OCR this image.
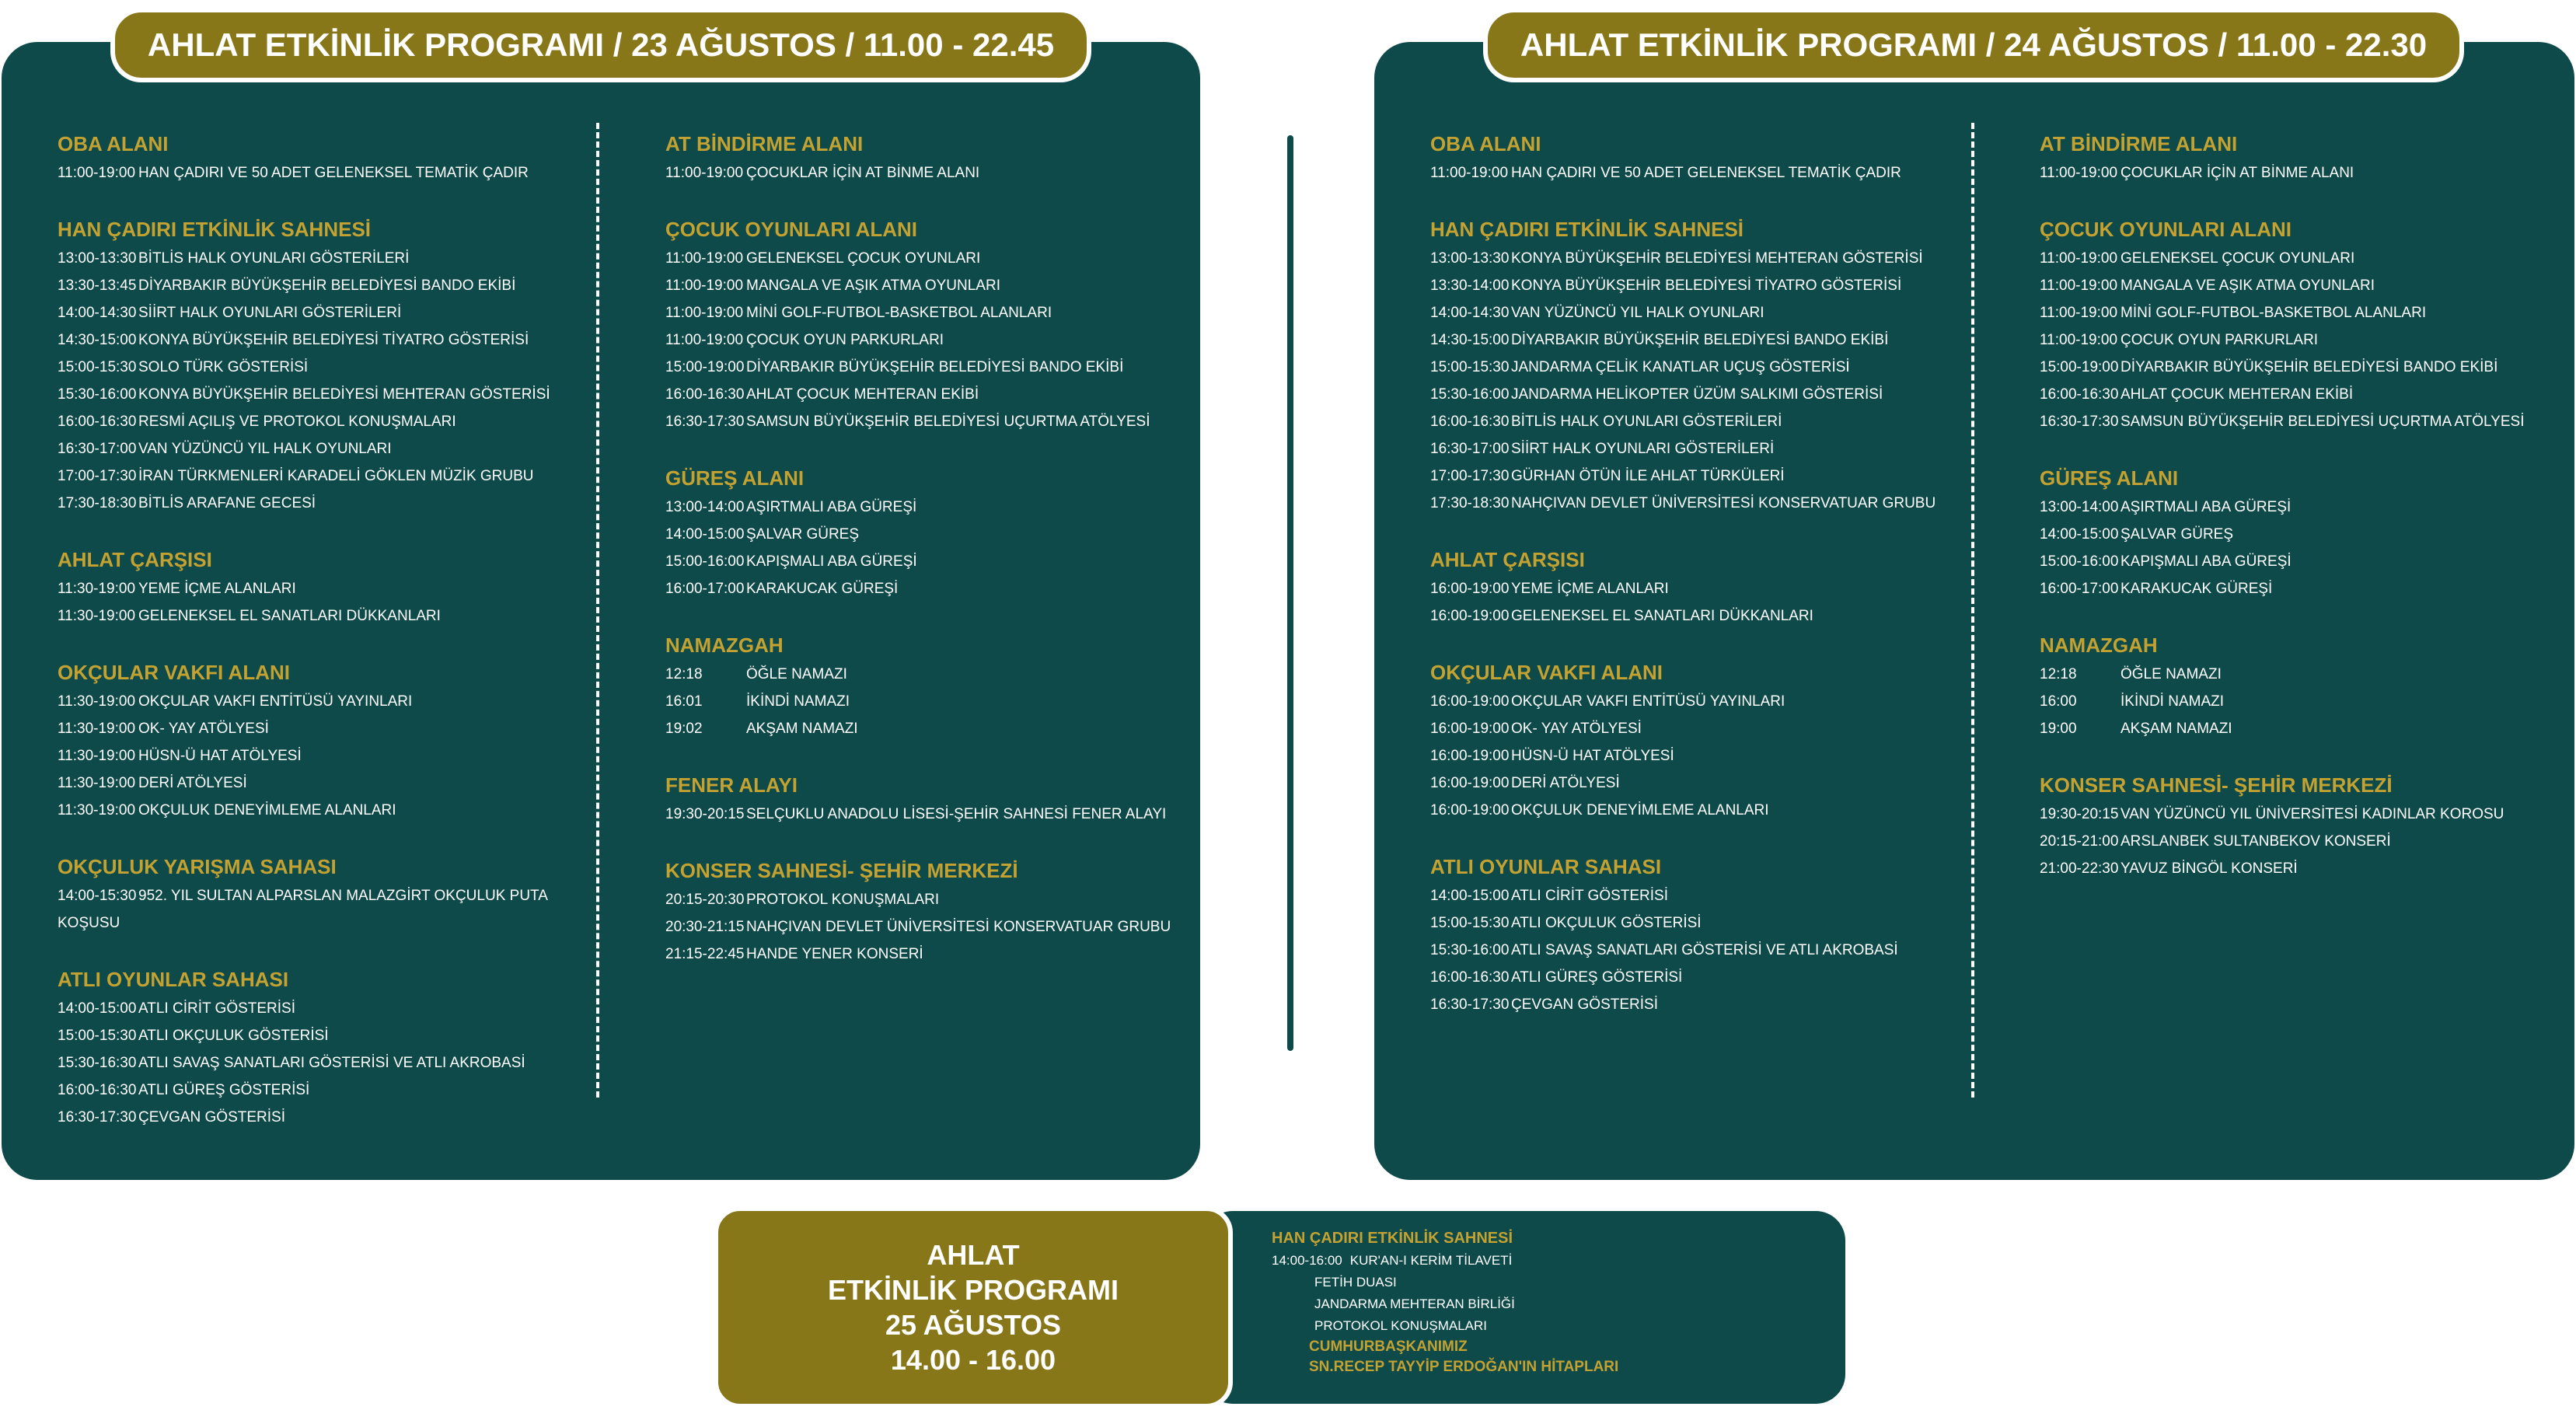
AHLAT ETKİNLİK PROGRAMI / 23 AĞUSTOS / 11.00 - 22.45
OBA ALANI
11:00-19:00 HAN ÇADIRI VE 50 ADET GELENEKSEL TEMATİK ÇADIR
HAN ÇADIRI ETKİNLİK SAHNESİ
13:00-13:30 BİTLİS HALK OYUNLARI GÖSTERİLERİ
13:30-13:45 DİYARBAKIR BÜYÜKŞEHİR BELEDİYESİ BANDO EKİBİ
14:00-14:30 SİİRT HALK OYUNLARI GÖSTERİLERİ
14:30-15:00 KONYA BÜYÜKŞEHİR BELEDİYESİ TİYATRO GÖSTERİSİ
15:00-15:30 SOLO TÜRK GÖSTERİSİ
15:30-16:00 KONYA BÜYÜKŞEHİR BELEDİYESİ MEHTERAN GÖSTERİSİ
16:00-16:30 RESMİ AÇILIŞ VE PROTOKOL KONUŞMALARI
16:30-17:00 VAN YÜZÜNCÜ YIL HALK OYUNLARI
17:00-17:30 İRAN TÜRKMENLERİ KARADELİ GÖKLEN MÜZİK GRUBU
17:30-18:30 BİTLİS ARAFANE GECESİ
AHLAT ÇARŞISI
11:30-19:00 YEME İÇME ALANLARI
11:30-19:00 GELENEKSEL EL SANATLARI DÜKKANLARI
OKÇULAR VAKFI ALANI
11:30-19:00 OKÇULAR VAKFI ENTİTÜSÜ YAYINLARI
11:30-19:00 OK- YAY ATÖLYESİ
11:30-19:00 HÜSN-Ü HAT ATÖLYESİ
11:30-19:00 DERİ ATÖLYESİ
11:30-19:00 OKÇULUK DENEYİMLEME ALANLARI
OKÇULUK YARIŞMA SAHASI
14:00-15:30 952. YIL SULTAN ALPARSLAN MALAZGİRT OKÇULUK PUTA
KOŞUSU
ATLI OYUNLAR SAHASI
14:00-15:00 ATLI CİRİT GÖSTERİSİ
15:00-15:30 ATLI OKÇULUK GÖSTERİSİ
15:30-16:30 ATLI SAVAŞ SANATLARI GÖSTERİSİ VE ATLI AKROBASİ
16:00-16:30 ATLI GÜREŞ GÖSTERİSİ
16:30-17:30 ÇEVGAN GÖSTERİSİ
AT BİNDİRME ALANI
11:00-19:00 ÇOCUKLAR İÇİN AT BİNME ALANI
ÇOCUK OYUNLARI ALANI
11:00-19:00 GELENEKSEL ÇOCUK OYUNLARI
11:00-19:00 MANGALA VE AŞIK ATMA OYUNLARI
11:00-19:00 MİNİ GOLF-FUTBOL-BASKETBOL ALANLARI
11:00-19:00 ÇOCUK OYUN PARKURLARI
15:00-19:00 DİYARBAKIR BÜYÜKŞEHİR BELEDİYESİ BANDO EKİBİ
16:00-16:30 AHLAT ÇOCUK MEHTERAN EKİBİ
16:30-17:30 SAMSUN BÜYÜKŞEHİR BELEDİYESİ UÇURTMA ATÖLYESİ
GÜREŞ ALANI
13:00-14:00 AŞIRTMALI ABA GÜREŞİ
14:00-15:00 ŞALVAR GÜREŞ
15:00-16:00 KAPIŞMALI ABA GÜREŞİ
16:00-17:00 KARAKUCAK GÜREŞİ
NAMAZGAH
12:18	ÖĞLE NAMAZI
16:01	İKİNDİ NAMAZI
19:02	AKŞAM NAMAZI
FENER ALAYI
19:30-20:15 SELÇUKLU ANADOLU LİSESİ-ŞEHİR SAHNESİ FENER ALAYI
KONSER SAHNESİ- ŞEHİR MERKEZİ
20:15-20:30 PROTOKOL KONUŞMALARI
20:30-21:15 NAHÇIVAN DEVLET ÜNİVERSİTESİ KONSERVATUAR GRUBU
21:15-22:45 HANDE YENER KONSERİ
AHLAT ETKİNLİK PROGRAMI / 24 AĞUSTOS / 11.00 - 22.30
OBA ALANI
11:00-19:00 HAN ÇADIRI VE 50 ADET GELENEKSEL TEMATİK ÇADIR
HAN ÇADIRI ETKİNLİK SAHNESİ
13:00-13:30 KONYA BÜYÜKŞEHİR BELEDİYESİ MEHTERAN GÖSTERİSİ
13:30-14:00 KONYA BÜYÜKŞEHİR BELEDİYESİ TİYATRO GÖSTERİSİ
14:00-14:30 VAN YÜZÜNCÜ YIL HALK OYUNLARI
14:30-15:00 DİYARBAKIR BÜYÜKŞEHİR BELEDİYESİ BANDO EKİBİ
15:00-15:30 JANDARMA ÇELİK KANATLAR UÇUŞ GÖSTERİSİ
15:30-16:00 JANDARMA HELİKOPTER ÜZÜM SALKIMI GÖSTERİSİ
16:00-16:30 BİTLİS HALK OYUNLARI GÖSTERİLERİ
16:30-17:00 SİİRT HALK OYUNLARI GÖSTERİLERİ
17:00-17:30 GÜRHAN ÖTÜN İLE AHLAT TÜRKÜLERİ
17:30-18:30 NAHÇIVAN DEVLET ÜNİVERSİTESİ KONSERVATUAR GRUBU
AHLAT ÇARŞISI
16:00-19:00 YEME İÇME ALANLARI
16:00-19:00 GELENEKSEL EL SANATLARI DÜKKANLARI
OKÇULAR VAKFI ALANI
16:00-19:00 OKÇULAR VAKFI ENTİTÜSÜ YAYINLARI
16:00-19:00 OK- YAY ATÖLYESİ
16:00-19:00 HÜSN-Ü HAT ATÖLYESİ
16:00-19:00 DERİ ATÖLYESİ
16:00-19:00 OKÇULUK DENEYİMLEME ALANLARI
ATLI OYUNLAR SAHASI
14:00-15:00 ATLI CİRİT GÖSTERİSİ
15:00-15:30 ATLI OKÇULUK GÖSTERİSİ
15:30-16:00 ATLI SAVAŞ SANATLARI GÖSTERİSİ VE ATLI AKROBASİ
16:00-16:30 ATLI GÜREŞ GÖSTERİSİ
16:30-17:30 ÇEVGAN GÖSTERİSİ
AT BİNDİRME ALANI
11:00-19:00 ÇOCUKLAR İÇİN AT BİNME ALANI
ÇOCUK OYUNLARI ALANI
11:00-19:00 GELENEKSEL ÇOCUK OYUNLARI
11:00-19:00 MANGALA VE AŞIK ATMA OYUNLARI
11:00-19:00 MİNİ GOLF-FUTBOL-BASKETBOL ALANLARI
11:00-19:00 ÇOCUK OYUN PARKURLARI
15:00-19:00 DİYARBAKIR BÜYÜKŞEHİR BELEDİYESİ BANDO EKİBİ
16:00-16:30 AHLAT ÇOCUK MEHTERAN EKİBİ
16:30-17:30 SAMSUN BÜYÜKŞEHİR BELEDİYESİ UÇURTMA ATÖLYESİ
GÜREŞ ALANI
13:00-14:00 AŞIRTMALI ABA GÜREŞİ
14:00-15:00 ŞALVAR GÜREŞ
15:00-16:00 KAPIŞMALI ABA GÜREŞİ
16:00-17:00 KARAKUCAK GÜREŞİ
NAMAZGAH
12:18	ÖĞLE NAMAZI
16:00	İKİNDİ NAMAZI
19:00	AKŞAM NAMAZI
KONSER SAHNESİ- ŞEHİR MERKEZİ
19:30-20:15 VAN YÜZÜNCÜ YIL ÜNİVERSİTESİ KADINLAR KOROSU
20:15-21:00 ARSLANBEK SULTANBEKOV KONSERİ
21:00-22:30 YAVUZ BİNGÖL KONSERİ
AHLAT
ETKİNLİK PROGRAMI
25 AĞUSTOS
14.00 - 16.00
HAN ÇADIRI ETKİNLİK SAHNESİ
14:00-16:00 KUR'AN-I KERİM TİLAVETİ
FETİH DUASI
JANDARMA MEHTERAN BİRLİĞİ
PROTOKOL KONUŞMALARI
CUMHURBAŞKANIMIZ
SN.RECEP TAYYİP ERDOĞAN'IN HİTAPLARI
